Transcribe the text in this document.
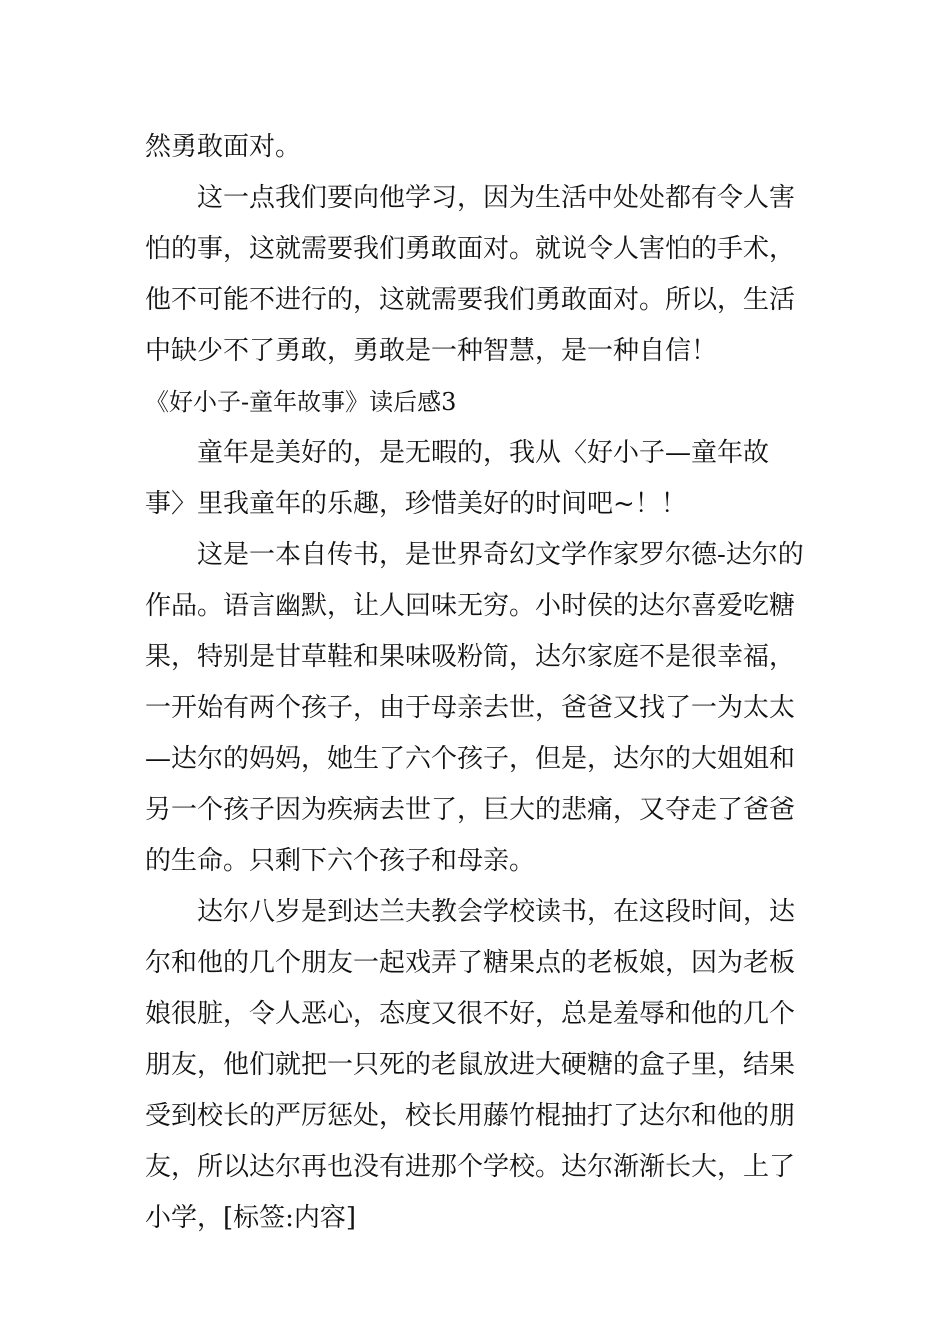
然勇敢面对。

这一点我们要向他学习，因为生活中处处都有令人害
怕的事，这就需要我们勇敢面对。就说令人害怕的手术，
他不可能不进行的，这就需要我们勇敢面对。所以，生活
中缺少不了勇敢，勇敢是一种智慧，是一种自信！

《好小子-童年故事》读后感3

童年是美好的，是无暇的，我从〈好小子—童年故
事〉里我童年的乐趣，珍惜美好的时间吧~！！

这是一本自传书，是世界奇幻文学作家罗尔德-达尔的
作品。语言幽默，让人回味无穷。小时侯的达尔喜爱吃糖
果，特别是甘草鞋和果味吸粉筒，达尔家庭不是很幸福，
一开始有两个孩子，由于母亲去世，爸爸又找了一为太太
—达尔的妈妈，她生了六个孩子，但是，达尔的大姐姐和
另一个孩子因为疾病去世了，巨大的悲痛，又夺走了爸爸
的生命。只剩下六个孩子和母亲。

达尔八岁是到达兰夫教会学校读书，在这段时间，达
尔和他的几个朋友一起戏弄了糖果点的老板娘，因为老板
娘很脏，令人恶心，态度又很不好，总是羞辱和他的几个
朋友，他们就把一只死的老鼠放进大硬糖的盒子里，结果
受到校长的严厉惩处，校长用藤竹棍抽打了达尔和他的朋
友，所以达尔再也没有进那个学校。达尔渐渐长大，上了
小学，[标签:内容]
